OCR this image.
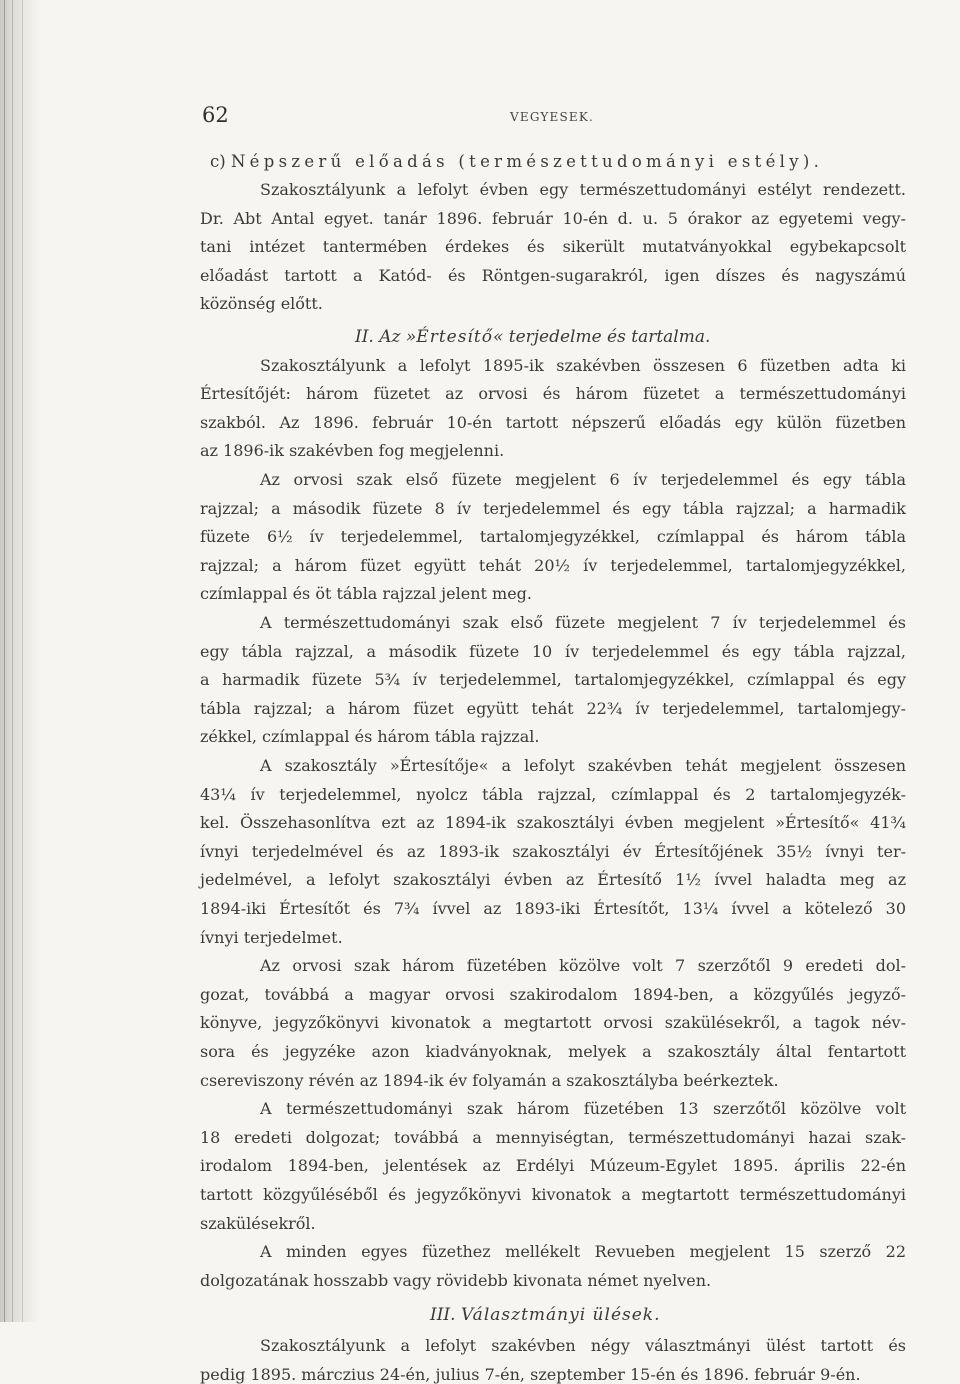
62	VEGYESEK.
c) Népszerű előadás (természettudományi estély).
Szakosztályunk a lefolyt évben egy természettudományi estélyt rendezett.
Dr. Abt Antal egyet. tanár 1896. február 10-én d. u. 5 órakor az egyetemi vegy-
tani intézet tantermében érdekes és sikerült mutatványokkal egybekapcsolt
előadást tartott a Katód- és Röntgen-sugarakról, igen díszes és nagyszámú
közönség előtt.
II. Az »Értesítő« terjedelme és tartalma.
Szakosztályunk a lefolyt 1895-ik szakévben összesen 6 füzetben adta ki
Értesítőjét: három füzetet az orvosi és három füzetet a természettudományi
szakból. Az 1896. február 10-én tartott népszerű előadás egy külön füzetben
az 1896-ik szakévben fog megjelenni.
Az orvosi szak első füzete megjelent 6 ív terjedelemmel és egy tábla
rajzzal; a második füzete 8 ív terjedelemmel és egy tábla rajzzal; a harmadik
füzete 6½ ív terjedelemmel, tartalomjegyzékkel, czímlappal és három tábla
rajzzal; a három füzet együtt tehát 20½ ív terjedelemmel, tartalomjegyzékkel,
czímlappal és öt tábla rajzzal jelent meg.
A természettudományi szak első füzete megjelent 7 ív terjedelemmel és
egy tábla rajzzal, a második füzete 10 ív terjedelemmel és egy tábla rajzzal,
a harmadik füzete 5¾ ív terjedelemmel, tartalomjegyzékkel, czímlappal és egy
tábla rajzzal; a három füzet együtt tehát 22¾ ív terjedelemmel, tartalomjegy-
zékkel, czímlappal és három tábla rajzzal.
A szakosztály »Értesítője« a lefolyt szakévben tehát megjelent összesen
43¼ ív terjedelemmel, nyolcz tábla rajzzal, czímlappal és 2 tartalomjegyzék-
kel. Összehasonlítva ezt az 1894-ik szakosztályi évben megjelent »Értesítő« 41¾
ívnyi terjedelmével és az 1893-ik szakosztályi év Értesítőjének 35½ ívnyi ter-
jedelmével, a lefolyt szakosztályi évben az Értesítő 1½ ívvel haladta meg az
1894-iki Értesítőt és 7¾ ívvel az 1893-iki Értesítőt, 13¼ ívvel a kötelező 30
ívnyi terjedelmet.
Az orvosi szak három füzetében közölve volt 7 szerzőtől 9 eredeti dol-
gozat, továbbá a magyar orvosi szakirodalom 1894-ben, a közgyűlés jegyző-
könyve, jegyzőkönyvi kivonatok a megtartott orvosi szakülésekről, a tagok név-
sora és jegyzéke azon kiadványoknak, melyek a szakosztály által fentartott
csereviszony révén az 1894-ik év folyamán a szakosztályba beérkeztek.
A természettudományi szak három füzetében 13 szerzőtől közölve volt
18 eredeti dolgozat; továbbá a mennyiségtan, természettudományi hazai szak-
irodalom 1894-ben, jelentések az Erdélyi Múzeum-Egylet 1895. április 22-én
tartott közgyűléséből és jegyzőkönyvi kivonatok a megtartott természettudományi
szakülésekről.
A minden egyes füzethez mellékelt Revueben megjelent 15 szerző 22
dolgozatának hosszabb vagy rövidebb kivonata német nyelven.
III. Választmányi ülések.
Szakosztályunk a lefolyt szakévben négy választmányi ülést tartott és
pedig 1895. márczius 24-én, julius 7-én, szeptember 15-én és 1896. február 9-én.
